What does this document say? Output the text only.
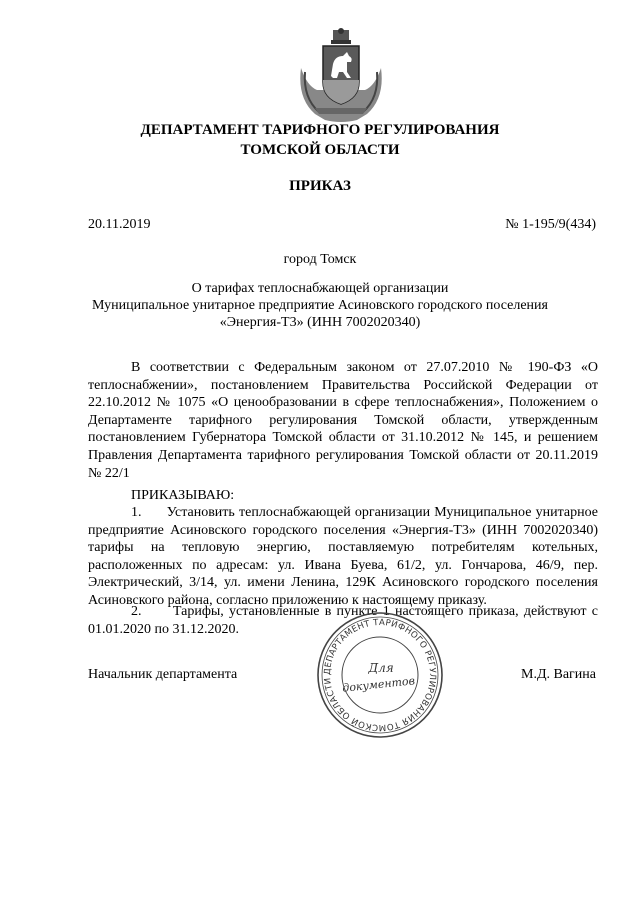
ДЕПАРТАМЕНТ ТАРИФНОГО РЕГУЛИРОВАНИЯ
ТОМСКОЙ ОБЛАСТИ
ПРИКАЗ
20.11.2019	№ 1-195/9(434)
город Томск
О тарифах теплоснабжающей организации
Муниципальное унитарное предприятие Асиновского городского поселения
«Энергия-Т3» (ИНН 7002020340)
В соответствии с Федеральным законом от 27.07.2010 № 190-ФЗ «О теплоснабжении», постановлением Правительства Российской Федерации от 22.10.2012 № 1075 «О ценообразовании в сфере теплоснабжения», Положением о Департаменте тарифного регулирования Томской области, утвержденным постановлением Губернатора Томской области от 31.10.2012 № 145, и решением Правления Департамента тарифного регулирования Томской области от 20.11.2019 № 22/1
ПРИКАЗЫВАЮ:
1.      Установить теплоснабжающей организации Муниципальное унитарное предприятие Асиновского городского поселения «Энергия-Т3» (ИНН 7002020340) тарифы на тепловую энергию, поставляемую потребителям котельных, расположенных по адресам: ул. Ивана Буева, 61/2, ул. Гончарова, 46/9, пер. Электрический, 3/14, ул. имени Ленина, 129К Асиновского городского поселения Асиновского района, согласно приложению к настоящему приказу.
2.      Тарифы, установленные в пункте 1 настоящего приказа, действуют с 01.01.2020 по 31.12.2020.
Начальник департамента	М.Д. Вагина
ДЕПАРТАМЕНТ ТАРИФНОГО РЕГУЛИРОВАНИЯ ТОМСКОЙ ОБЛАСТИ
Для
документов
